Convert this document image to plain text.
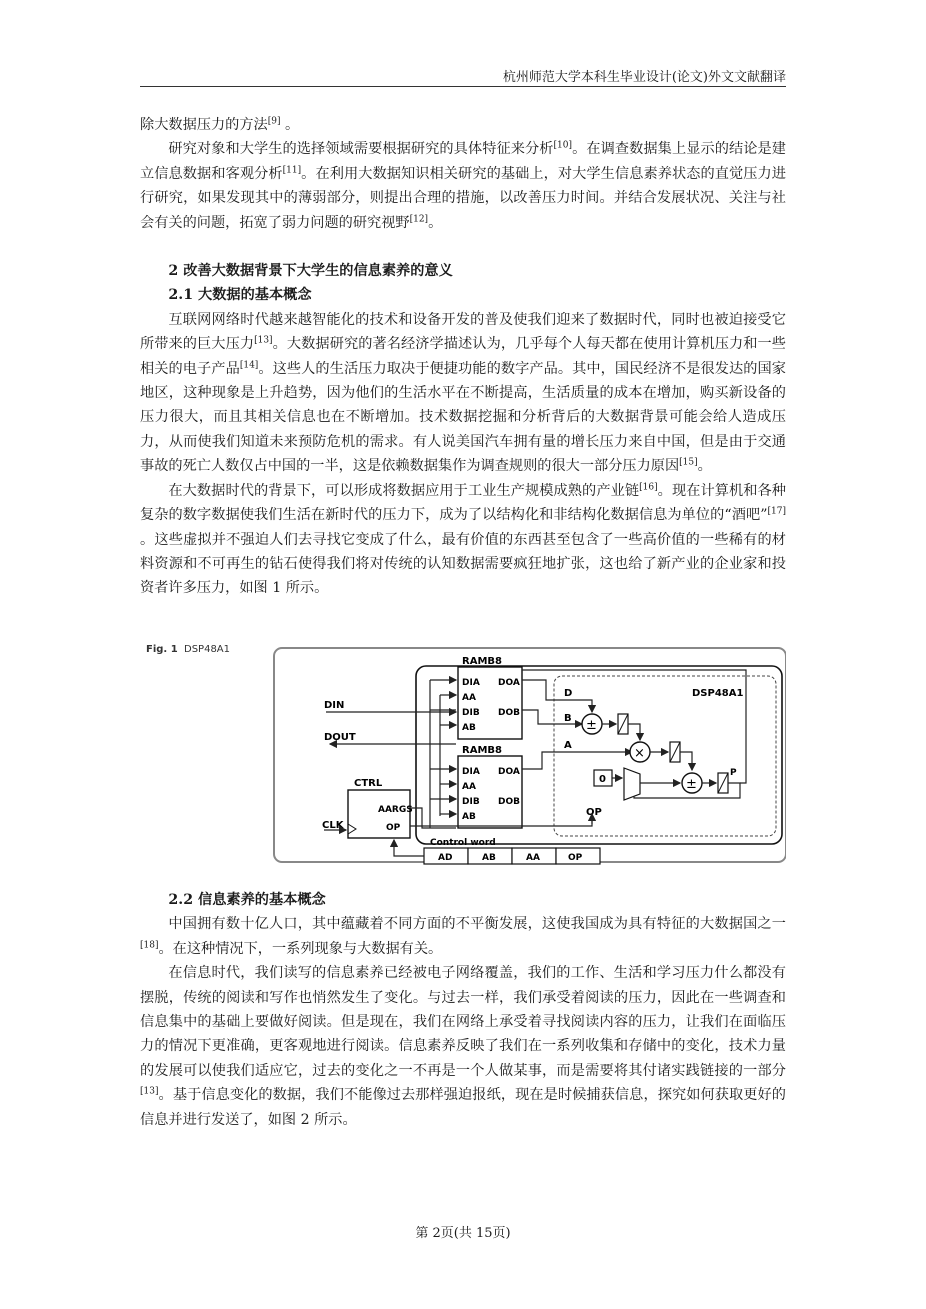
杭州师范大学本科生毕业设计(论文)外文文献翻译

除大数据压力的方法[9] 。

研究对象和大学生的选择领域需要根据研究的具体特征来分析[10]。在调查数据集上显示的结论是建立信息数据和客观分析[11]。在利用大数据知识相关研究的基础上，对大学生信息素养状态的直觉压力进行研究，如果发现其中的薄弱部分，则提出合理的措施，以改善压力时间。并结合发展状况、关注与社会有关的问题，拓宽了弱力问题的研究视野[12]。

2 改善大数据背景下大学生的信息素养的意义

2.1 大数据的基本概念

互联网网络时代越来越智能化的技术和设备开发的普及使我们迎来了数据时代，同时也被迫接受它所带来的巨大压力[13]。大数据研究的著名经济学描述认为，几乎每个人每天都在使用计算机压力和一些相关的电子产品[14]。这些人的生活压力取决于便捷功能的数字产品。其中，国民经济不是很发达的国家地区，这种现象是上升趋势，因为他们的生活水平在不断提高，生活质量的成本在增加，购买新设备的压力很大，而且其相关信息也在不断增加。技术数据挖掘和分析背后的大数据背景可能会给人造成压力，从而使我们知道未来预防危机的需求。有人说美国汽车拥有量的增长压力来自中国，但是由于交通事故的死亡人数仅占中国的一半，这是依赖数据集作为调查规则的很大一部分压力原因[15]。

在大数据时代的背景下，可以形成将数据应用于工业生产规模成熟的产业链[16]。现在计算机和各种复杂的数字数据使我们生活在新时代的压力下，成为了以结构化和非结构化数据信息为单位的“酒吧”[17] 。这些虚拟并不强迫人们去寻找它变成了什么，最有价值的东西甚至包含了一些高价值的一些稀有的材料资源和不可再生的钻石使得我们将对传统的认知数据需要疯狂地扩张，这也给了新产业的企业家和投资者许多压力，如图 1 所示。

Fig. 1 DSP48A1
DSP48A1
RAMB8
DIA
AA
DIB
AB
DOA
DOB
RAMB8
DIA
AA
DIB
AB
DOA
DOB
DIN
DOUT
D
B
A
±
×
0	±
P
OP
CTRL
AARGS
OP
CLK
Control word
AD	AB	AA	OP

2.2 信息素养的基本概念

中国拥有数十亿人口，其中蕴藏着不同方面的不平衡发展，这使我国成为具有特征的大数据国之一[18]。在这种情况下，一系列现象与大数据有关。

在信息时代，我们读写的信息素养已经被电子网络覆盖，我们的工作、生活和学习压力什么都没有摆脱，传统的阅读和写作也悄然发生了变化。与过去一样，我们承受着阅读的压力，因此在一些调查和信息集中的基础上要做好阅读。但是现在，我们在网络上承受着寻找阅读内容的压力，让我们在面临压力的情况下更准确，更客观地进行阅读。信息素养反映了我们在一系列收集和存储中的变化，技术力量的发展可以使我们适应它，过去的变化之一不再是一个人做某事，而是需要将其付诸实践链接的一部分[13]。基于信息变化的数据，我们不能像过去那样强迫报纸，现在是时候捕获信息，探究如何获取更好的信息并进行发送了，如图 2 所示。

第 2页(共 15页)
